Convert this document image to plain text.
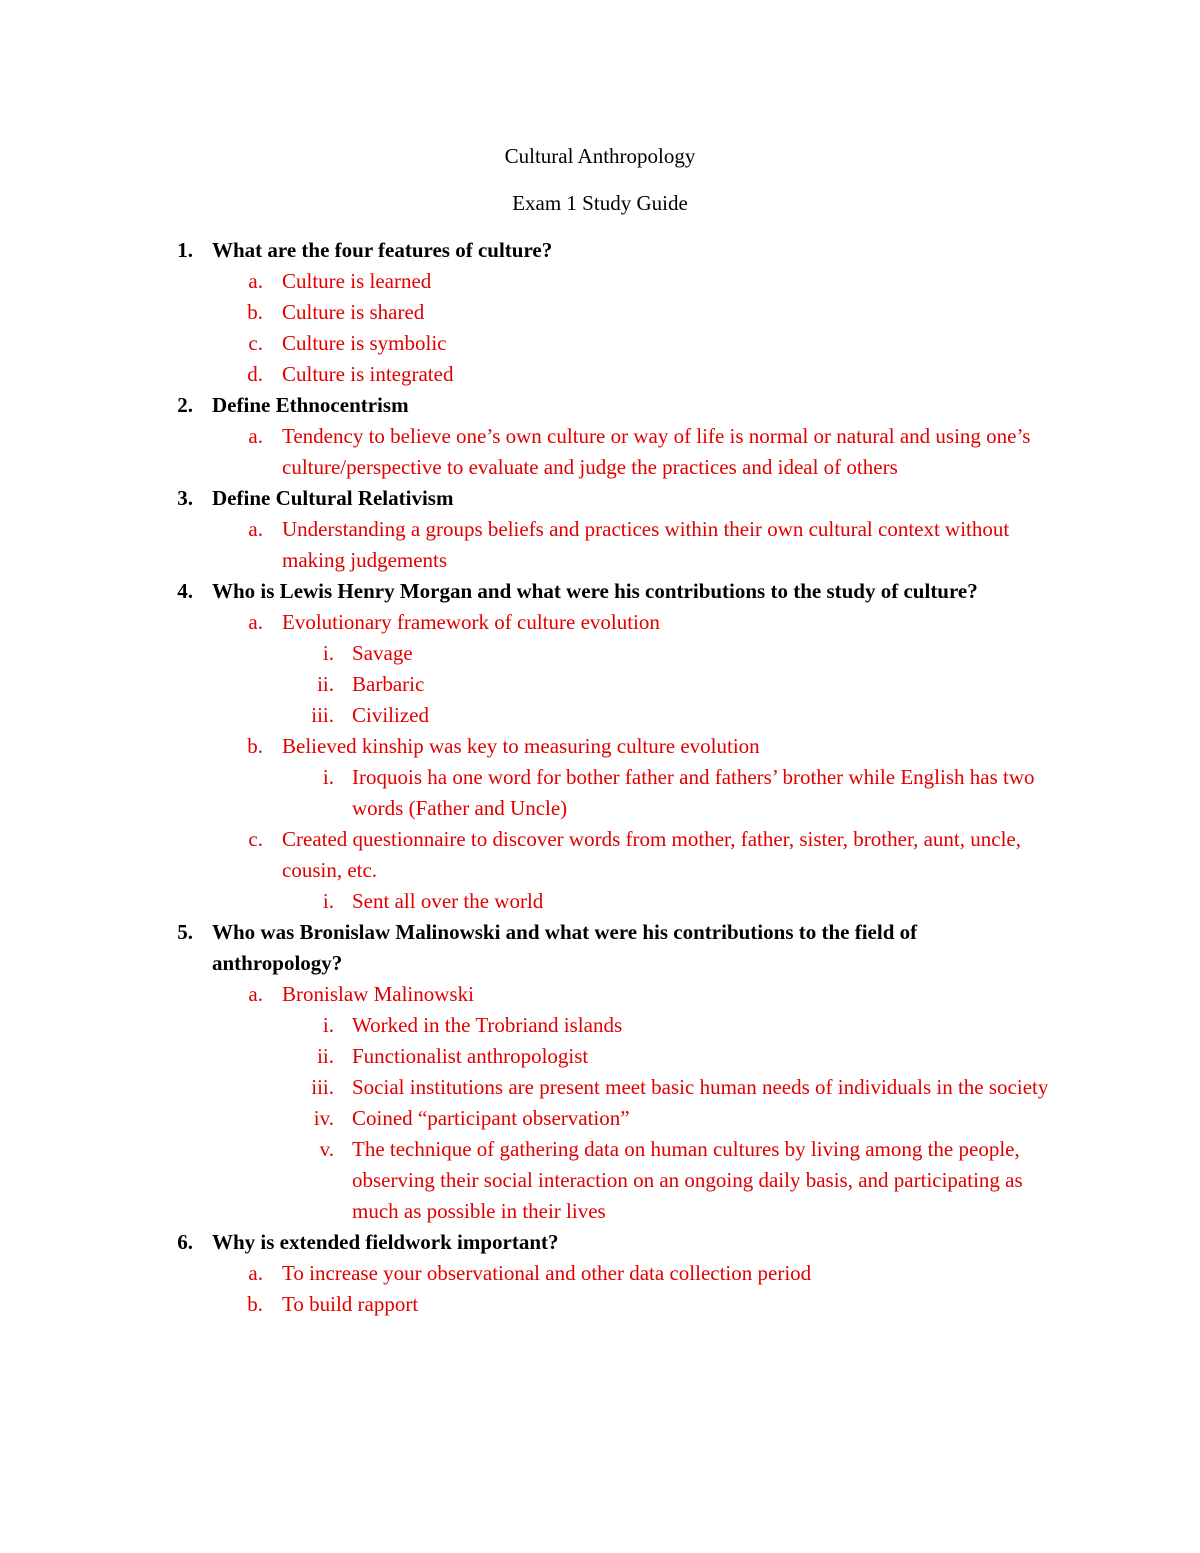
Cultural Anthropology
Exam 1 Study Guide
1. What are the four features of culture?
a. Culture is learned
b. Culture is shared
c. Culture is symbolic
d. Culture is integrated
2. Define Ethnocentrism
a. Tendency to believe one’s own culture or way of life is normal or natural and using one’s culture/perspective to evaluate and judge the practices and ideal of others
3. Define Cultural Relativism
a. Understanding a groups beliefs and practices within their own cultural context without making judgements
4. Who is Lewis Henry Morgan and what were his contributions to the study of culture?
a. Evolutionary framework of culture evolution
i. Savage
ii. Barbaric
iii. Civilized
b. Believed kinship was key to measuring culture evolution
i. Iroquois ha one word for bother father and fathers’ brother while English has two words (Father and Uncle)
c. Created questionnaire to discover words from mother, father, sister, brother, aunt, uncle, cousin, etc.
i. Sent all over the world
5. Who was Bronislaw Malinowski and what were his contributions to the field of anthropology?
a. Bronislaw Malinowski
i. Worked in the Trobriand islands
ii. Functionalist anthropologist
iii. Social institutions are present meet basic human needs of individuals in the society
iv. Coined “participant observation”
v. The technique of gathering data on human cultures by living among the people, observing their social interaction on an ongoing daily basis, and participating as much as possible in their lives
6. Why is extended fieldwork important?
a. To increase your observational and other data collection period
b. To build rapport
